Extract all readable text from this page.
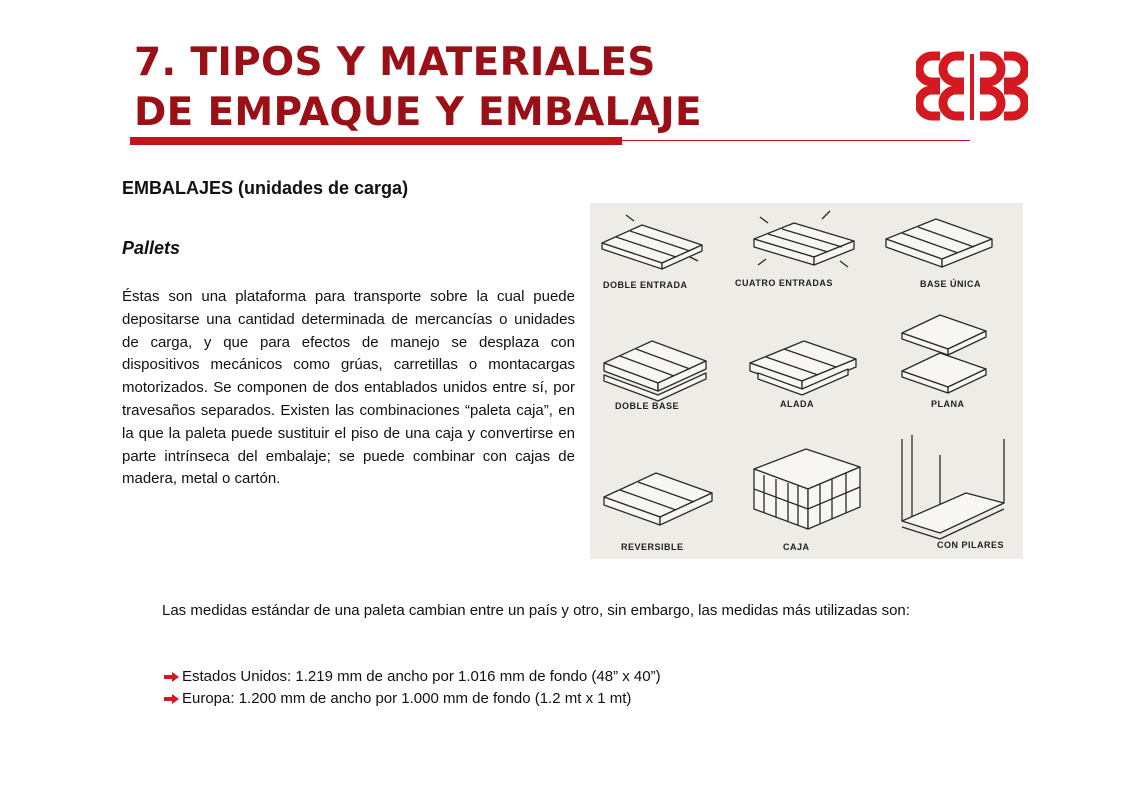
7. TIPOS Y MATERIALES
DE EMPAQUE Y EMBALAJE
EMBALAJES (unidades de carga)
Pallets

Éstas son una plataforma para transporte sobre la cual puede depositarse una cantidad determinada de mercancías o unidades de carga, y que para efectos de manejo se desplaza con dispositivos mecánicos como grúas, carretillas o montacargas motorizados. Se componen de dos entablados unidos entre sí, por travesaños separados. Existen las combinaciones “paleta caja”, en la que la paleta puede sustituir el piso de una caja y convertirse en parte intrínseca del embalaje; se puede combinar con cajas de madera, metal o cartón.

DOBLE ENTRADA	CUATRO ENTRADAS	BASE ÚNICA
DOBLE BASE	ALADA	PLANA
REVERSIBLE	CAJA	CON PILARES

Las medidas estándar de una paleta cambian entre un país y otro, sin embargo, las medidas más utilizadas son:

Estados Unidos: 1.219 mm de ancho por 1.016 mm de fondo (48” x 40”)
Europa: 1.200 mm de ancho por 1.000 mm de fondo (1.2 mt x 1 mt)
